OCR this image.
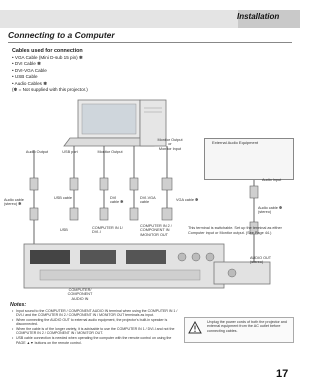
Installation
Connecting to a Computer
Cables used for connection
• VGA Cable (Mini D-sub 15 pin) ✽
• DVI Cable ✽
• DVI-VGA Cable
• USB Cable
• Audio Cables ✽
(✽ = Not supplied with this projector.)
Audio Output	USB port	Monitor Output
Monitor Output
or
Monitor Input
External Audio Equipment
Audio Input
USB cable	DVI
cable ✽
DVI-VGA
cable
VGA cable ✽
Audio cable
(stereo) ✽
Audio cable ✽
(stereo)
USB	COMPUTER IN 1/
DVI-I
COMPUTER IN 2 /
COMPONENT IN
/MONITOR OUT
This terminal is switchable. Set up the terminal as either Computer input or Monitor output. (See Page 44.)
AUDIO OUT
(stereo)
COMPUTER/
COMPONENT
AUDIO IN
Notes:
• Input sound to the COMPUTER / COMPONENT AUDIO IN terminal when using the COMPUTER IN 1 / DVI-I and the COMPUTER IN 2 / COMPONENT IN / MONITOR OUT terminals as input.
• When connecting the AUDIO OUT to external audio equipment, the projector's built-in speaker is disconnected.
• When the cable is of the longer variety, it is advisable to use the COMPUTER IN 1 / DVI-I and not the COMPUTER IN 2 / COMPONENT IN / MONITOR OUT.
• USB cable connection is needed when operating the computer with the remote control on using the PAGE ▲▼ buttons on the remote control.
Unplug the power cords of both the projector and external equipment from the AC outlet before connecting cables.
17
